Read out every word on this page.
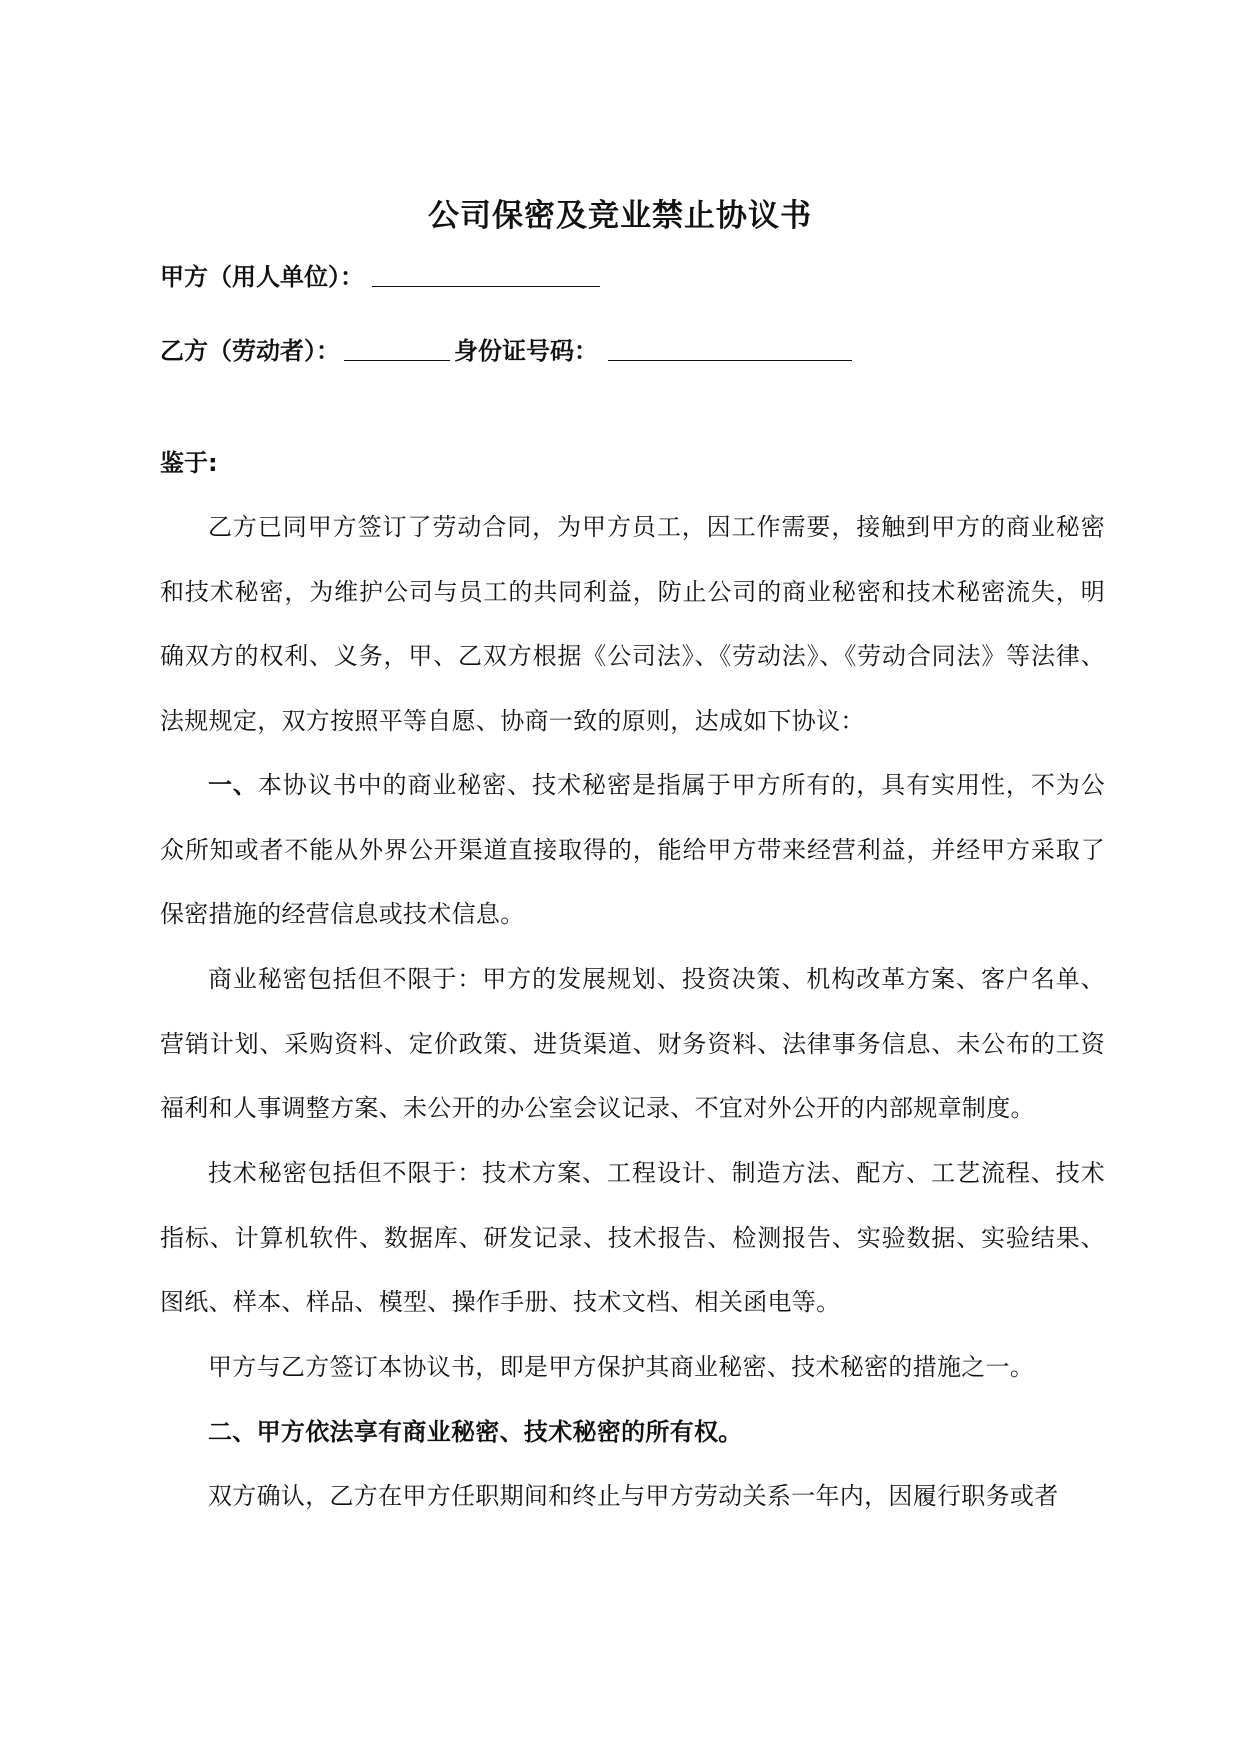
公司保密及竞业禁止协议书
甲方（用人单位）：
乙方（劳动者）：	身份证号码：
鉴于:
乙方已同甲方签订了劳动合同，为甲方员工，因工作需要，接触到甲方的商业秘密和技术秘密，为维护公司与员工的共同利益，防止公司的商业秘密和技术秘密流失，明确双方的权利、义务，甲、乙双方根据《公司法》、《劳动法》、《劳动合同法》等法律、法规规定，双方按照平等自愿、协商一致的原则，达成如下协议：
一、本协议书中的商业秘密、技术秘密是指属于甲方所有的，具有实用性，不为公众所知或者不能从外界公开渠道直接取得的，能给甲方带来经营利益，并经甲方采取了保密措施的经营信息或技术信息。
商业秘密包括但不限于：甲方的发展规划、投资决策、机构改革方案、客户名单、营销计划、采购资料、定价政策、进货渠道、财务资料、法律事务信息、未公布的工资福利和人事调整方案、未公开的办公室会议记录、不宜对外公开的内部规章制度。
技术秘密包括但不限于：技术方案、工程设计、制造方法、配方、工艺流程、技术指标、计算机软件、数据库、研发记录、技术报告、检测报告、实验数据、实验结果、图纸、样本、样品、模型、操作手册、技术文档、相关函电等。
甲方与乙方签订本协议书，即是甲方保护其商业秘密、技术秘密的措施之一。
二、甲方依法享有商业秘密、技术秘密的所有权。
双方确认，乙方在甲方任职期间和终止与甲方劳动关系一年内，因履行职务或者
